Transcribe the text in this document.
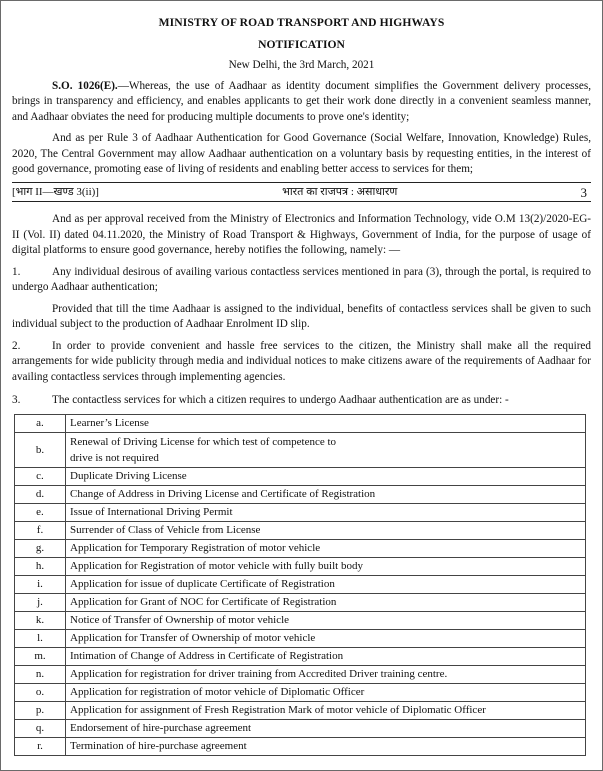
MINISTRY OF ROAD TRANSPORT AND HIGHWAYS
NOTIFICATION
New Delhi, the 3rd March, 2021

S.O. 1026(E).—Whereas, the use of Aadhaar as identity document simplifies the Government delivery processes, brings in transparency and efficiency, and enables applicants to get their work done directly in a convenient seamless manner, and Aadhaar obviates the need for producing multiple documents to prove one's identity;

And as per Rule 3 of Aadhaar Authentication for Good Governance (Social Welfare, Innovation, Knowledge) Rules, 2020, The Central Government may allow Aadhaar authentication on a voluntary basis by requesting entities, in the interest of good governance, promoting ease of living of residents and enabling better access to services for them;

[भाग II—खण्ड 3(ii)]	भारत का राजपत्र : असाधारण	3

And as per approval received from the Ministry of Electronics and Information Technology, vide O.M 13(2)/2020-EG-II (Vol. II) dated 04.11.2020, the Ministry of Road Transport & Highways, Government of India, for the purpose of usage of digital platforms to ensure good governance, hereby notifies the following, namely: —

1.	Any individual desirous of availing various contactless services mentioned in para (3), through the portal, is required to undergo Aadhaar authentication;

Provided that till the time Aadhaar is assigned to the individual, benefits of contactless services shall be given to such individual subject to the production of Aadhaar Enrolment ID slip.

2.	In order to provide convenient and hassle free services to the citizen, the Ministry shall make all the required arrangements for wide publicity through media and individual notices to make citizens aware of the requirements of Aadhaar for availing contactless services through implementing agencies.

3.	The contactless services for which a citizen requires to undergo Aadhaar authentication are as under: -

a.	Learner’s License
b.	Renewal of Driving License for which test of competence to
drive is not required

c.	Duplicate Driving License
d.	Change of Address in Driving License and Certificate of Registration
e.	Issue of International Driving Permit
f.	Surrender of Class of Vehicle from License
g.	Application for Temporary Registration of motor vehicle
h.	Application for Registration of motor vehicle with fully built body
i.	Application for issue of duplicate Certificate of Registration
j.	Application for Grant of NOC for Certificate of Registration
k.	Notice of Transfer of Ownership of motor vehicle
l.	Application for Transfer of Ownership of motor vehicle
m.	Intimation of Change of Address in Certificate of Registration
n.	Application for registration for driver training from Accredited Driver training centre.
o.	Application for registration of motor vehicle of Diplomatic Officer
p.	Application for assignment of Fresh Registration Mark of motor vehicle of Diplomatic Officer
q.	Endorsement of hire-purchase agreement
r.	Termination of hire-purchase agreement
